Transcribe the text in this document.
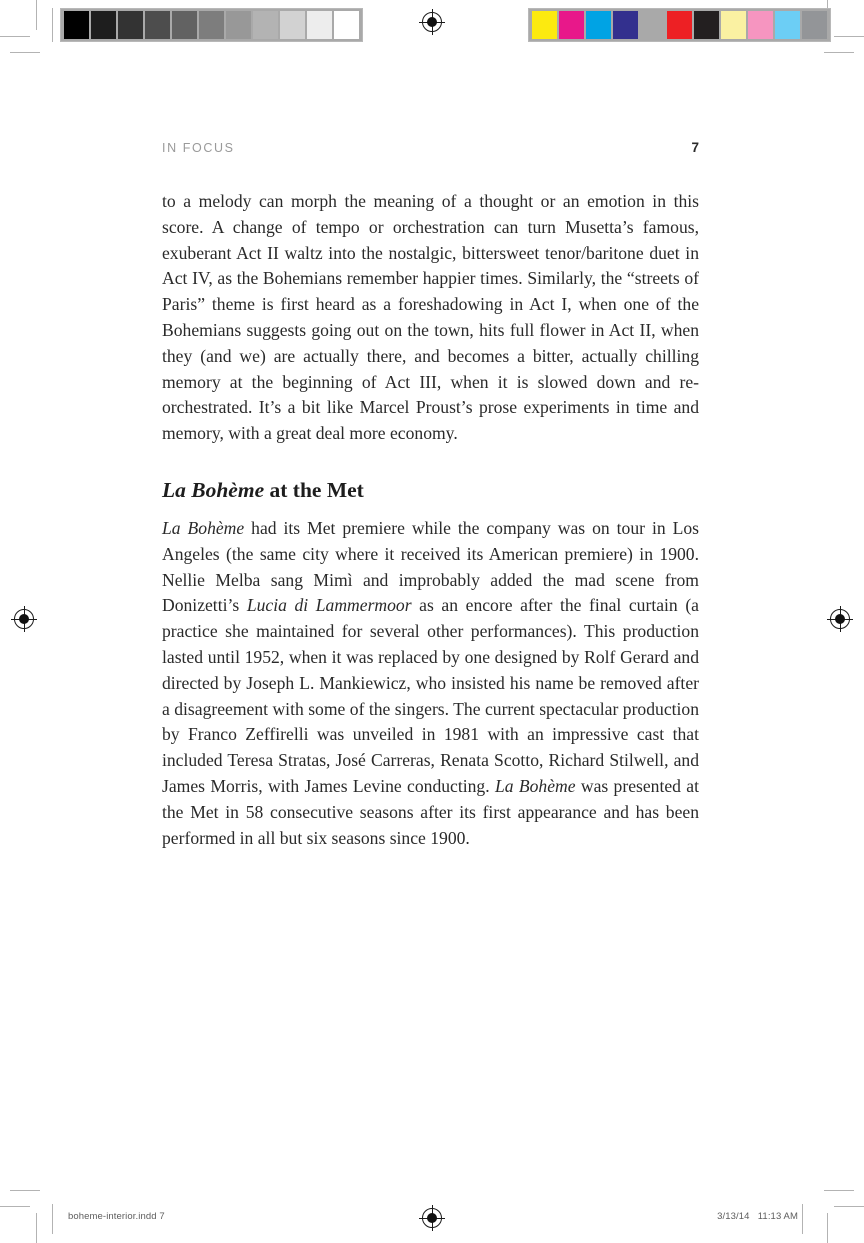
IN FOCUS	7

to a melody can morph the meaning of a thought or an emotion in this score. A change of tempo or orchestration can turn Musetta’s famous, exuberant Act II waltz into the nostalgic, bittersweet tenor/baritone duet in Act IV, as the Bohemians remember happier times. Similarly, the “streets of Paris” theme is first heard as a foreshadowing in Act I, when one of the Bohemians suggests going out on the town, hits full flower in Act II, when they (and we) are actually there, and becomes a bitter, actually chilling memory at the beginning of Act III, when it is slowed down and re-orchestrated. It’s a bit like Marcel Proust’s prose experiments in time and memory, with a great deal more economy.

La Bohème at the Met

La Bohème had its Met premiere while the company was on tour in Los Angeles (the same city where it received its American premiere) in 1900. Nellie Melba sang Mimì and improbably added the mad scene from Donizetti’s Lucia di Lammermoor as an encore after the final curtain (a practice she maintained for several other performances). This production lasted until 1952, when it was replaced by one designed by Rolf Gerard and directed by Joseph L. Mankiewicz, who insisted his name be removed after a disagreement with some of the singers. The current spectacular production by Franco Zeffirelli was unveiled in 1981 with an impressive cast that included Teresa Stratas, José Carreras, Renata Scotto, Richard Stilwell, and James Morris, with James Levine conducting. La Bohème was presented at the Met in 58 consecutive seasons after its first appearance and has been performed in all but six seasons since 1900.

boheme-interior.indd 7	3/13/14   11:13 AM
